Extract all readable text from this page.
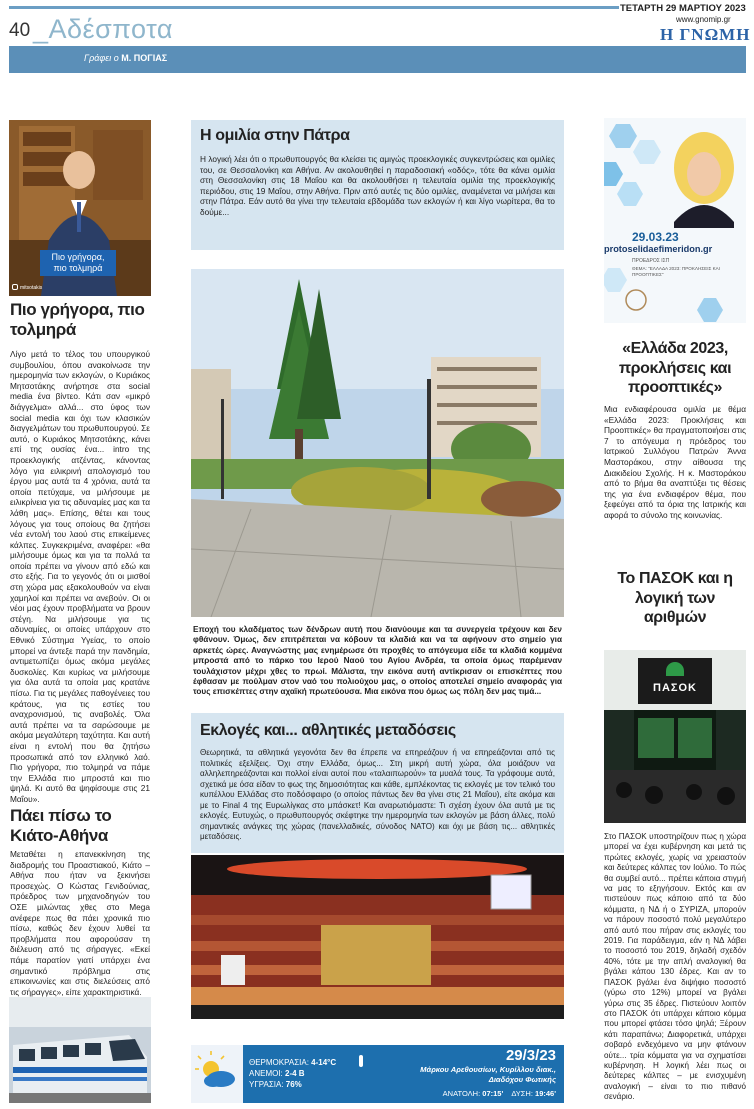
ΤΕΤΑΡΤΗ 29 ΜΑΡΤΙΟΥ 2023
www.gnomip.gr
40 _Αδέσποτα	Η ΓΝΩΜΗ
Γράφει ο Μ. ΠΟΓΙΑΣ
Πιο γρήγορα,
πιο τολμηρά
mitsotakis
Πιο γρήγορα, πιο τολμηρά
Λίγο μετά το τέλος του υπουργικού συμβουλίου, όπου ανακοίνωσε την ημερομηνία των εκλογών, ο Κυριάκος Μητσοτάκης ανήρτησε στα social media ένα βίντεο. Κάτι σαν «μικρό διάγγελμα» αλλά... στο ύφος των social media και όχι των κλασικών διαγγελμάτων του πρωθυπουργού. Σε αυτό, ο Κυριάκος Μητσοτάκης, κάνει επί της ουσίας ένα... intro της προεκλογικής ατζέντας, κάνοντας λόγο για ειλικρινή απολογισμό του έργου μας αυτά τα 4 χρόνια, αυτά τα οποία πετύχαμε, να μιλήσουμε με ειλικρίνεια για τις αδυναμίες μας και τα λάθη μας». Επίσης, θέτει και τους λόγους για τους οποίους θα ζητήσει νέα εντολή του λαού στις επικείμενες κάλπες. Συγκεκριμένα, αναφέρει: «θα μιλήσουμε όμως και για τα πολλά τα οποία πρέπει να γίνουν από εδώ και στο εξής. Για το γεγονός ότι οι μισθοί στη χώρα μας εξακολουθούν να είναι χαμηλοί και πρέπει να ανεβούν. Οι οι νέοι μας έχουν προβλήματα να βρουν στέγη. Να μιλήσουμε για τις αδυναμίες, οι οποίες υπάρχουν στο Εθνικό Σύστημα Υγείας, το οποίο μπορεί να άντεξε παρά την πανδημία, αντιμετωπίζει όμως ακόμα μεγάλες δυσκολίες. Και κυρίως να μιλήσουμε για όλα αυτά τα οποία μας κρατάνε πίσω. Για τις μεγάλες παθογένειες του κράτους, για τις εστίες του αναχρονισμού, τις αναβολές. Όλα αυτά πρέπει να τα σαρώσουμε με ακόμα μεγαλύτερη ταχύτητα. Και αυτή είναι η εντολή που θα ζητήσω προσωπικά από τον ελληνικό λαό. Πιο γρήγορα, πιο τολμηρά να πάμε την Ελλάδα πιο μπροστά και πιο ψηλά. Κι αυτό θα ψηφίσουμε στις 21 Μαΐου».
Πάει πίσω το Κιάτο-Αθήνα
Μεταθέτει η επανεκκίνηση της διαδρομής του Προαστιακού, Κιάτο – Αθήνα που ήταν να ξεκινήσει προσεχώς. Ο Κώστας Γενιδούνιας, πρόεδρος των μηχανοδηγών του ΟΣΕ μιλώντας χθες στο Mega ανέφερε πως θα πάει χρονικά πιο πίσω, καθώς δεν έχουν λυθεί τα προβλήματα που αφορούσαν τη διέλευση από τις σήραγγες. «Εκεί πάμε παρατίον γιατί υπάρχει ένα σημαντικό πρόβλημα στις επικοινωνίες και στις διελεύσεις από τις σήραγγες», είπε χαρακτηριστικά.
Η ομιλία στην Πάτρα
Η λογική λέει ότι ο πρωθυπουργός θα κλείσει τις αμιγώς προεκλογικές συγκεντρώσεις και ομιλίες του, σε Θεσσαλονίκη και Αθήνα. Αν ακολουθηθεί η παραδοσιακή «οδός», τότε θα κάνει ομιλία στη Θεσσαλονίκη στις 18 Μαΐου και θα ακολουθήσει η τελευταία ομιλία της προεκλογικής περιόδου, στις 19 Μαΐου, στην Αθήνα. Πριν από αυτές τις δύο ομιλίες, αναμένεται να μιλήσει και στην Πάτρα. Εάν αυτό θα γίνει την τελευταία εβδομάδα των εκλογών ή και λίγο νωρίτερα, θα το δούμε...
Εποχή του κλαδέματος των δένδρων αυτή που διανύουμε και τα συνεργεία τρέχουν και δεν φθάνουν. Όμως, δεν επιτρέπεται να κόβουν τα κλαδιά και να τα αφήνουν στο σημείο για αρκετές ώρες. Αναγνώστης μας ενημέρωσε ότι προχθές το απόγευμα είδε τα κλαδιά κομμένα μπροστά από το πάρκο του Ιερού Ναού του Αγίου Ανδρέα, τα οποία όμως παρέμεναν τουλάχιστον μέχρι χθες το πρωί. Μάλιστα, την εικόνα αυτή αντίκρισαν οι επισκέπτες που έφθασαν με πούλμαν στον ναό του πολιούχου μας, ο οποίος αποτελεί σημείο αναφοράς για τους επισκέπτες στην αχαϊκή πρωτεύουσα. Μια εικόνα που όμως ως πόλη δεν μας τιμά...
Εκλογές και... αθλητικές μεταδόσεις
Θεωρητικά, τα αθλητικά γεγονότα δεν θα έπρεπε να επηρεάζουν ή να επηρεάζονται από τις πολιτικές εξελίξεις. Όχι στην Ελλάδα, όμως... Στη μικρή αυτή χώρα, όλα μοιάζουν να αλληλεπηρεάζονται και πολλοί είναι αυτοί που «ταλαιπωρούν» τα μυαλά τους. Τα γράφουμε αυτά, σχετικά με όσα είδαν το φως της δημοσιότητας και κάθε, εμπλέκοντας τις εκλογές με τον τελικό του κυπέλλου Ελλάδας στο ποδόσφαιρο (ο οποίος πάντως δεν θα γίνει στις 21 Μαΐου), είτε ακόμα και με το Final 4 της Ευρωλίγκας στο μπάσκετ! Και αναρωτιόμαστε: Τι σχέση έχουν όλα αυτά με τις εκλογές. Ευτυχώς, ο πρωθυπουργός σκέφτηκε την ημερομηνία των εκλογών με βάση άλλες, πολύ σημαντικές ανάγκες της χώρας (πανελλαδικές, σύνοδος ΝΑΤΟ) και όχι με βάση τις... αθλητικές μεταδόσεις.
ΘΕΡΜΟΚΡΑΣΙΑ: 4-14°C
ΑΝΕΜΟΙ: 2-4 Β
ΥΓΡΑΣΙΑ: 76%
29/3/23
Μάρκου Αρεθουσίων, Κυρίλλου διακ., Διαδόχου Φωτικής
ΑΝΑΤΟΛΗ: 07:15' ΔΥΣΗ: 19:46'
29.03.23
protoselidaefimeridon.gr
ΠΡΟΕΔΡΟΣ ΙΣΠ
ΘΕΜΑ: "ΕΛΛΑΔΑ 2023: ΠΡΟΚΛΗΣΕΙΣ ΚΑΙ ΠΡΟΟΠΤΙΚΕΣ"
«Ελλάδα 2023, προκλήσεις και προοπτικές»
Μια ενδιαφέρουσα ομιλία με θέμα «Ελλάδα 2023: Προκλήσεις και Προοπτικές» θα πραγματοποιήσει στις 7 το απόγευμα η πρόεδρος του Ιατρικού Συλλόγου Πατρών Άννα Μαστοράκου, στην αίθουσα της Διακιδείου Σχολής. Η κ. Μαστοράκου από το βήμα θα αναπτύξει τις θέσεις της για ένα ενδιαφέρον θέμα, που ξεφεύγει από τα όρια της Ιατρικής και αφορά το σύνολο της κοινωνίας.
Το ΠΑΣΟΚ και η λογική των αριθμών
ΠΑΣΟΚ
Στο ΠΑΣΟΚ υποστηρίζουν πως η χώρα μπορεί να έχει κυβέρνηση και μετά τις πρώτες εκλογές, χωρίς να χρειαστούν και δεύτερες κάλπες τον Ιούλιο. Το πώς θα συμβεί αυτό... πρέπει κάποια στιγμή να μας το εξηγήσουν. Εκτός και αν πιστεύουν πως κάποιο από τα δύο κόμματα, η ΝΔ ή ο ΣΥΡΙΖΑ, μπορούν να πάρουν ποσοστό πολύ μεγαλύτερο από αυτό που πήραν στις εκλογές του 2019. Για παράδειγμα, εάν η ΝΔ λάβει το ποσοστό του 2019, δηλαδή σχεδόν 40%, τότε με την απλή αναλογική θα βγάλει κάπου 130 έδρες. Και αν το ΠΑΣΟΚ βγάλει ένα διψήφιο ποσοστό (γύρω στο 12%) μπορεί να βγάλει γύρω στις 35 έδρες. Πιστεύουν λοιπόν στο ΠΑΣΟΚ ότι υπάρχει κάποιο κόμμα που μπορεί φτάσει τόσο ψηλά; Ξέρουν κάτι παραπάνω; Διαφορετικά, υπάρχει σοβαρό ενδεχόμενο να μην φτάνουν ούτε... τρία κόμματα για να σχηματίσει κυβέρνηση. Η λογική λέει πως οι δεύτερες κάλπες – με ενισχυμένη αναλογική – είναι το πιο πιθανό σενάριο.
